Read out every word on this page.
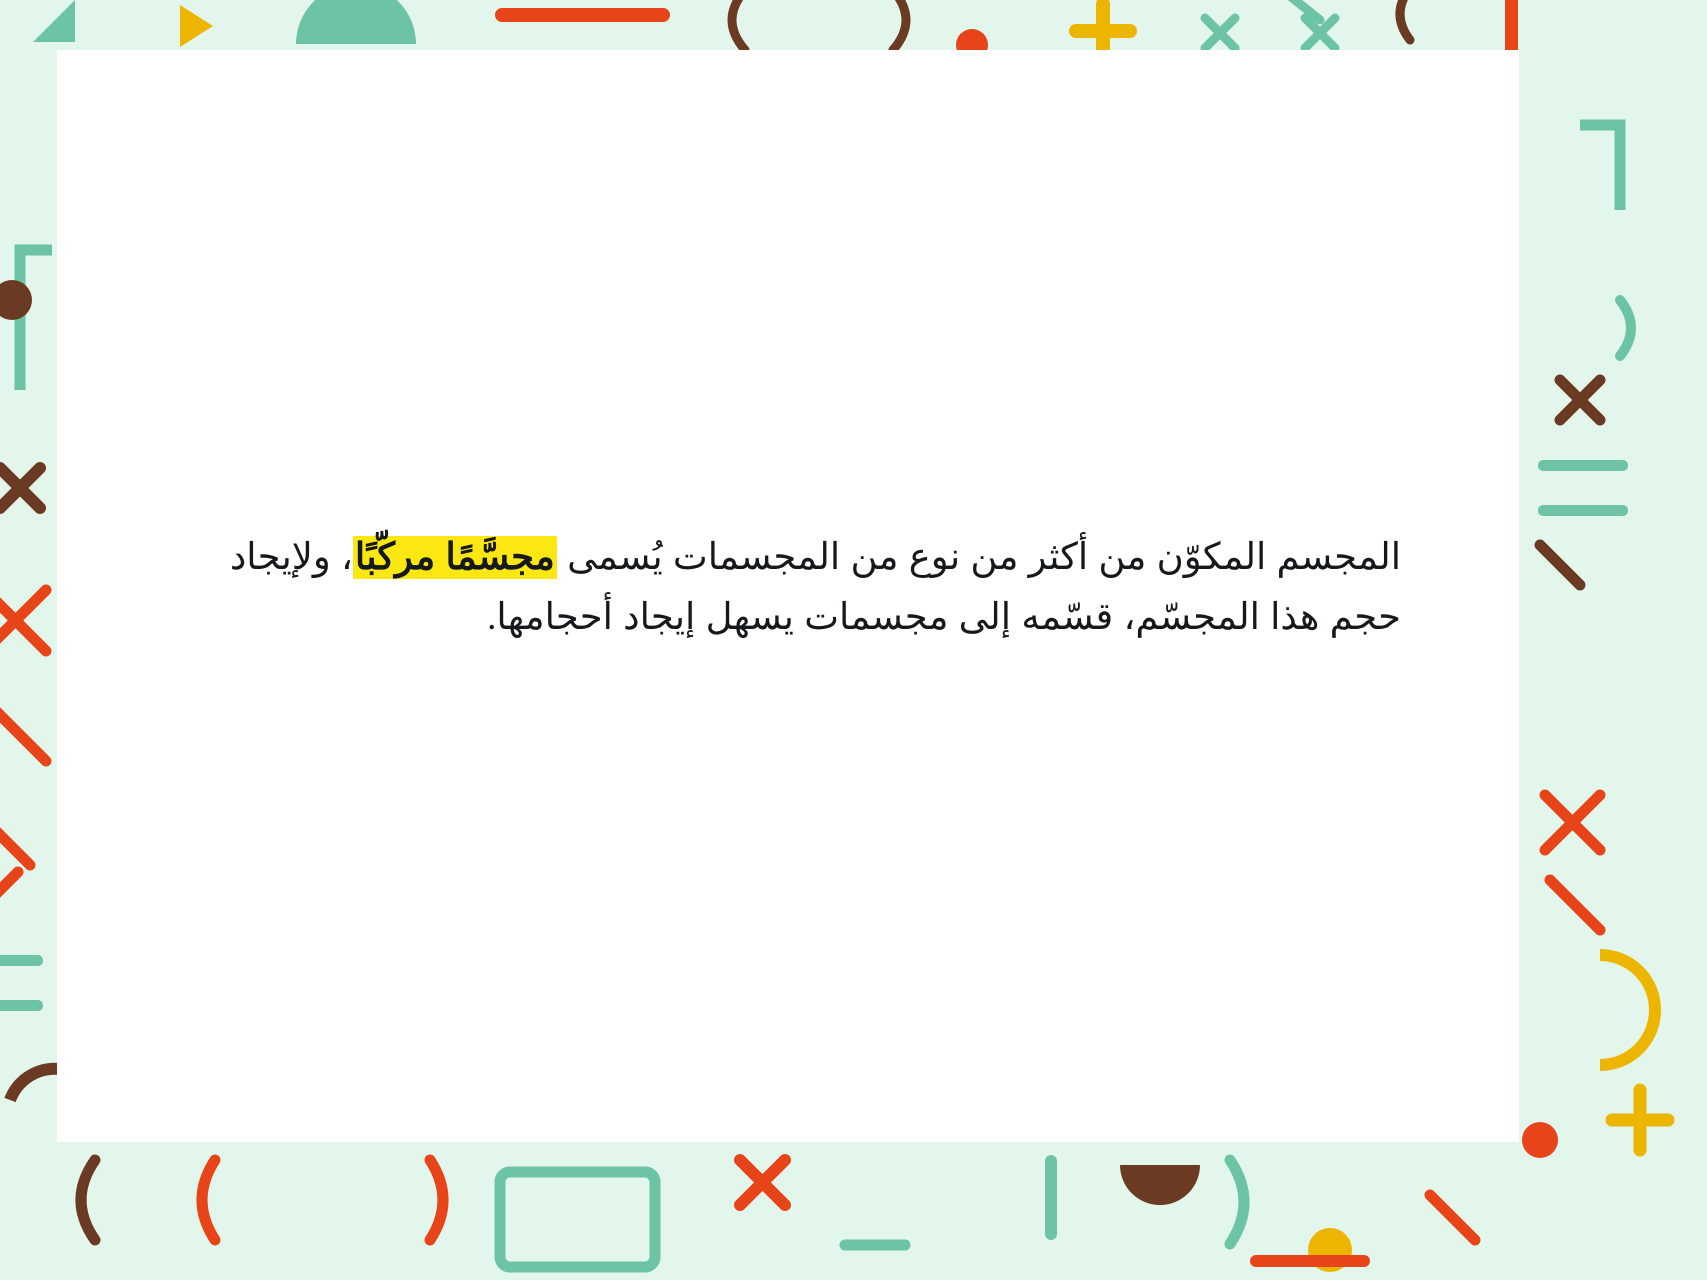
المجسم المكوّن من أكثر من نوع من المجسمات يُسمى مجسَّمًا مركّبًا، ولإيجاد حجم هذا المجسّم، قسّمه إلى مجسمات يسهل إيجاد أحجامها.
